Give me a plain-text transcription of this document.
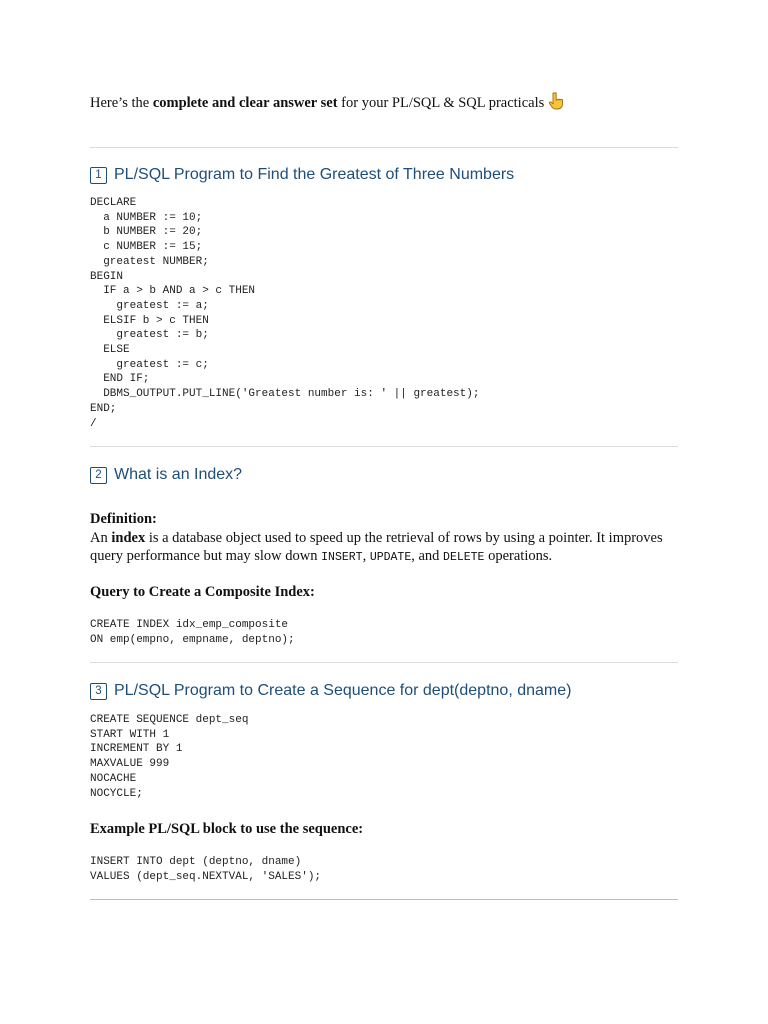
Here’s the complete and clear answer set for your PL/SQL & SQL practicals
1 PL/SQL Program to Find the Greatest of Three Numbers
DECLARE
a NUMBER := 10;
b NUMBER := 20;
c NUMBER := 15;
greatest NUMBER;
BEGIN
IF a > b AND a > c THEN
greatest := a;
ELSIF b > c THEN
greatest := b;
ELSE
greatest := c;
END IF;
DBMS_OUTPUT.PUT_LINE('Greatest number is: ' || greatest);
END;
/
2 What is an Index?
Definition:
An index is a database object used to speed up the retrieval of rows by using a pointer. It improves query performance but may slow down INSERT, UPDATE, and DELETE operations.
Query to Create a Composite Index:
CREATE INDEX idx_emp_composite
ON emp(empno, empname, deptno);
3 PL/SQL Program to Create a Sequence for dept(deptno, dname)
CREATE SEQUENCE dept_seq
START WITH 1
INCREMENT BY 1
MAXVALUE 999
NOCACHE
NOCYCLE;
Example PL/SQL block to use the sequence:
INSERT INTO dept (deptno, dname)
VALUES (dept_seq.NEXTVAL, 'SALES');
